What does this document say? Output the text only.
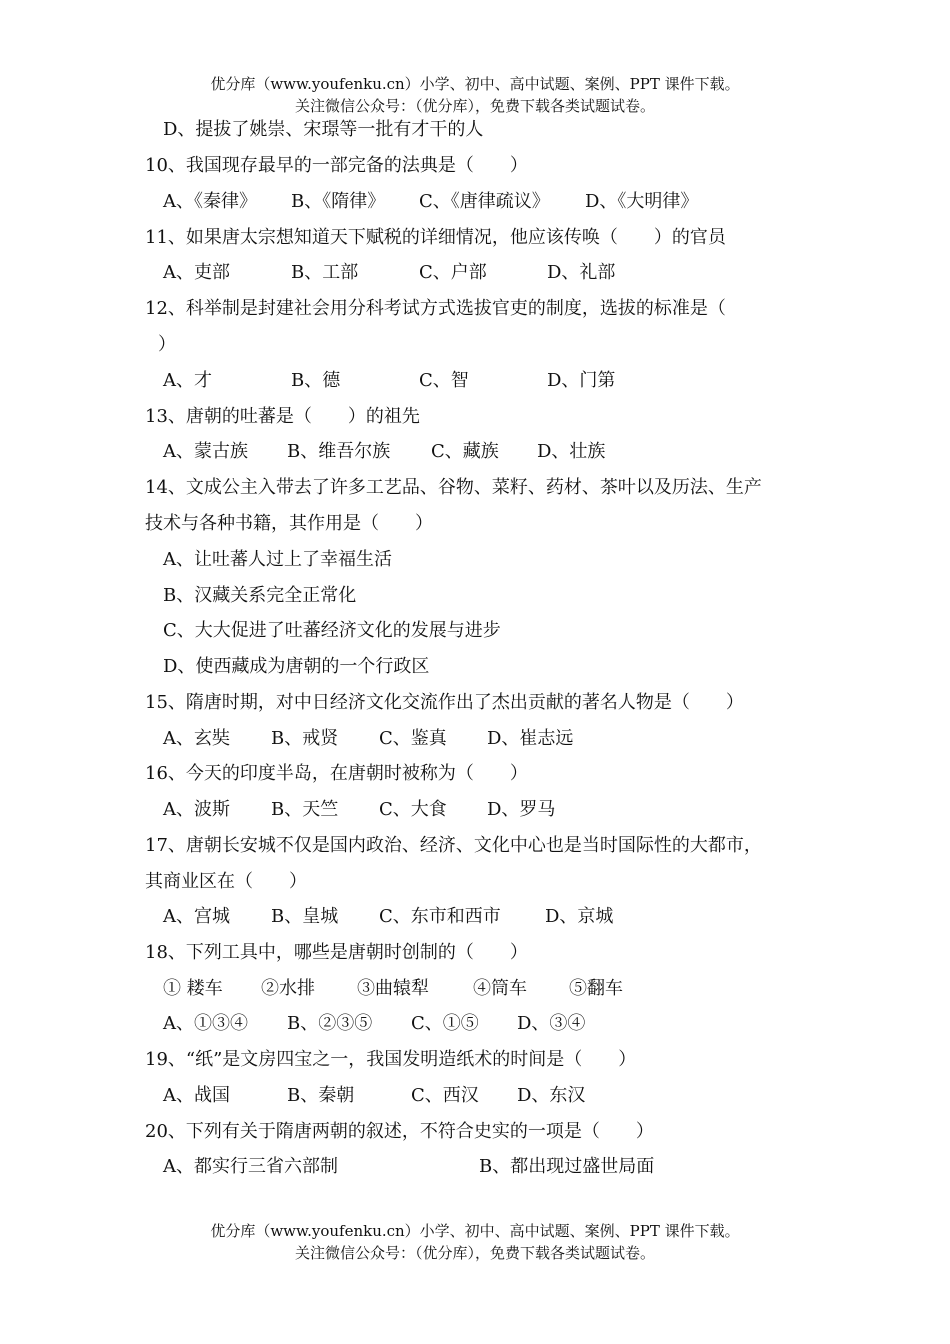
优分库（www.youfenku.cn）小学、初中、高中试题、案例、PPT 课件下载。
关注微信公众号：（优分库），免费下载各类试题试卷。
D、提拔了姚崇、宋璟等一批有才干的人
10、我国现存最早的一部完备的法典是（　　）
A、《秦律》 B、《隋律》 C、《唐律疏议》 D、《大明律》
11、如果唐太宗想知道天下赋税的详细情况，他应该传唤（　　）的官员
A、吏部	B、工部	C、户部	D、礼部
12、科举制是封建社会用分科考试方式选拔官吏的制度，选拔的标准是（
）
A、才	B、德	C、智	D、门第
13、唐朝的吐蕃是（　　）的祖先
A、蒙古族 B、维吾尔族 C、藏族 D、壮族
14、文成公主入带去了许多工艺品、谷物、菜籽、药材、茶叶以及历法、生产
技术与各种书籍，其作用是（　　）
A、让吐蕃人过上了幸福生活
B、汉藏关系完全正常化
C、大大促进了吐蕃经济文化的发展与进步
D、使西藏成为唐朝的一个行政区
15、隋唐时期，对中日经济文化交流作出了杰出贡献的著名人物是（　　）
A、玄奘 B、戒贤 C、鉴真 D、崔志远
16、今天的印度半岛，在唐朝时被称为（　　）
A、波斯 B、天竺 C、大食 D、罗马
17、唐朝长安城不仅是国内政治、经济、文化中心也是当时国际性的大都市，
其商业区在（　　）
A、宫城 B、皇城 C、东市和西市 D、京城
18、下列工具中，哪些是唐朝时创制的（　　）
① 耧车 ②水排 ③曲辕犁 ④筒车 ⑤翻车
A、①③④ B、②③⑤ C、①⑤ D、③④
19、“纸”是文房四宝之一，我国发明造纸术的时间是（　　）
A、战国	B、秦朝	C、西汉 D、东汉
20、下列有关于隋唐两朝的叙述，不符合史实的一项是（　　）
A、都实行三省六部制	B、都出现过盛世局面
优分库（www.youfenku.cn）小学、初中、高中试题、案例、PPT 课件下载。
关注微信公众号：（优分库），免费下载各类试题试卷。
